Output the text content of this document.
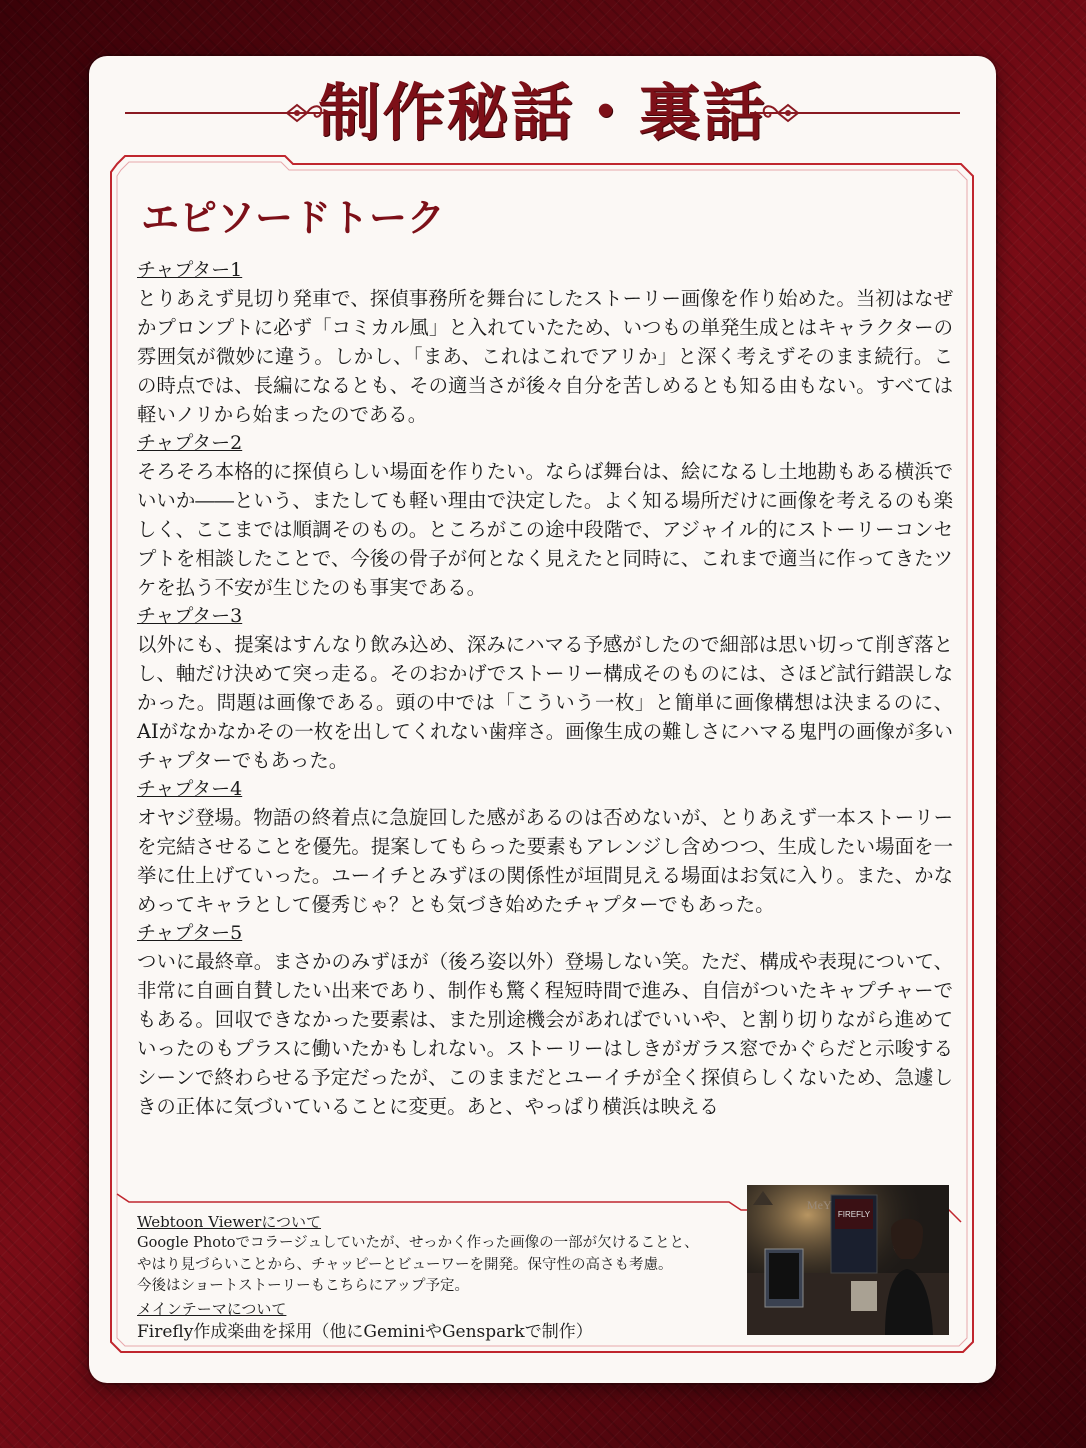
制作秘話・裏話
エピソードトーク
チャプター1

とりあえず見切り発車で、探偵事務所を舞台にしたストーリー画像を作り始めた。当初はなぜかプロンプトに必ず「コミカル風」と入れていたため、いつもの単発生成とはキャラクターの雰囲気が微妙に違う。しかし、「まあ、これはこれでアリか」と深く考えずそのまま続行。この時点では、長編になるとも、その適当さが後々自分を苦しめるとも知る由もない。すべては軽いノリから始まったのである。

チャプター2

そろそろ本格的に探偵らしい場面を作りたい。ならば舞台は、絵になるし土地勘もある横浜でいいか――という、またしても軽い理由で決定した。よく知る場所だけに画像を考えるのも楽しく、ここまでは順調そのもの。ところがこの途中段階で、アジャイル的にストーリーコンセプトを相談したことで、今後の骨子が何となく見えたと同時に、これまで適当に作ってきたツケを払う不安が生じたのも事実である。

チャプター3

以外にも、提案はすんなり飲み込め、深みにハマる予感がしたので細部は思い切って削ぎ落とし、軸だけ決めて突っ走る。そのおかげでストーリー構成そのものには、さほど試行錯誤しなかった。問題は画像である。頭の中では「こういう一枚」と簡単に画像構想は決まるのに、AIがなかなかその一枚を出してくれない歯痒さ。画像生成の難しさにハマる鬼門の画像が多いチャプターでもあった。

チャプター4

オヤジ登場。物語の終着点に急旋回した感があるのは否めないが、とりあえず一本ストーリーを完結させることを優先。提案してもらった要素もアレンジし含めつつ、生成したい場面を一挙に仕上げていった。ユーイチとみずほの関係性が垣間見える場面はお気に入り。また、かなめってキャラとして優秀じゃ？とも気づき始めたチャプターでもあった。

チャプター5

ついに最終章。まさかのみずほが（後ろ姿以外）登場しない笑。ただ、構成や表現について、非常に自画自賛したい出来であり、制作も驚く程短時間で進み、自信がついたキャプチャーでもある。回収できなかった要素は、また別途機会があればでいいや、と割り切りながら進めていったのもプラスに働いたかもしれない。ストーリーはしきがガラス窓でかぐらだと示唆するシーンで終わらせる予定だったが、このままだとユーイチが全く探偵らしくないため、急遽しきの正体に気づいていることに変更。あと、やっぱり横浜は映える

Webtoon Viewerについて

Google Photoでコラージュしていたが、せっかく作った画像の一部が欠けることと、

やはり見づらいことから、チャッピーとビューワーを開発。保守性の高さも考慮。

今後はショートストーリーもこちらにアップ予定。

メインテーマについて
Firefly作成楽曲を採用（他にGeminiやGensparkで制作）
FIREFLY
MeY
